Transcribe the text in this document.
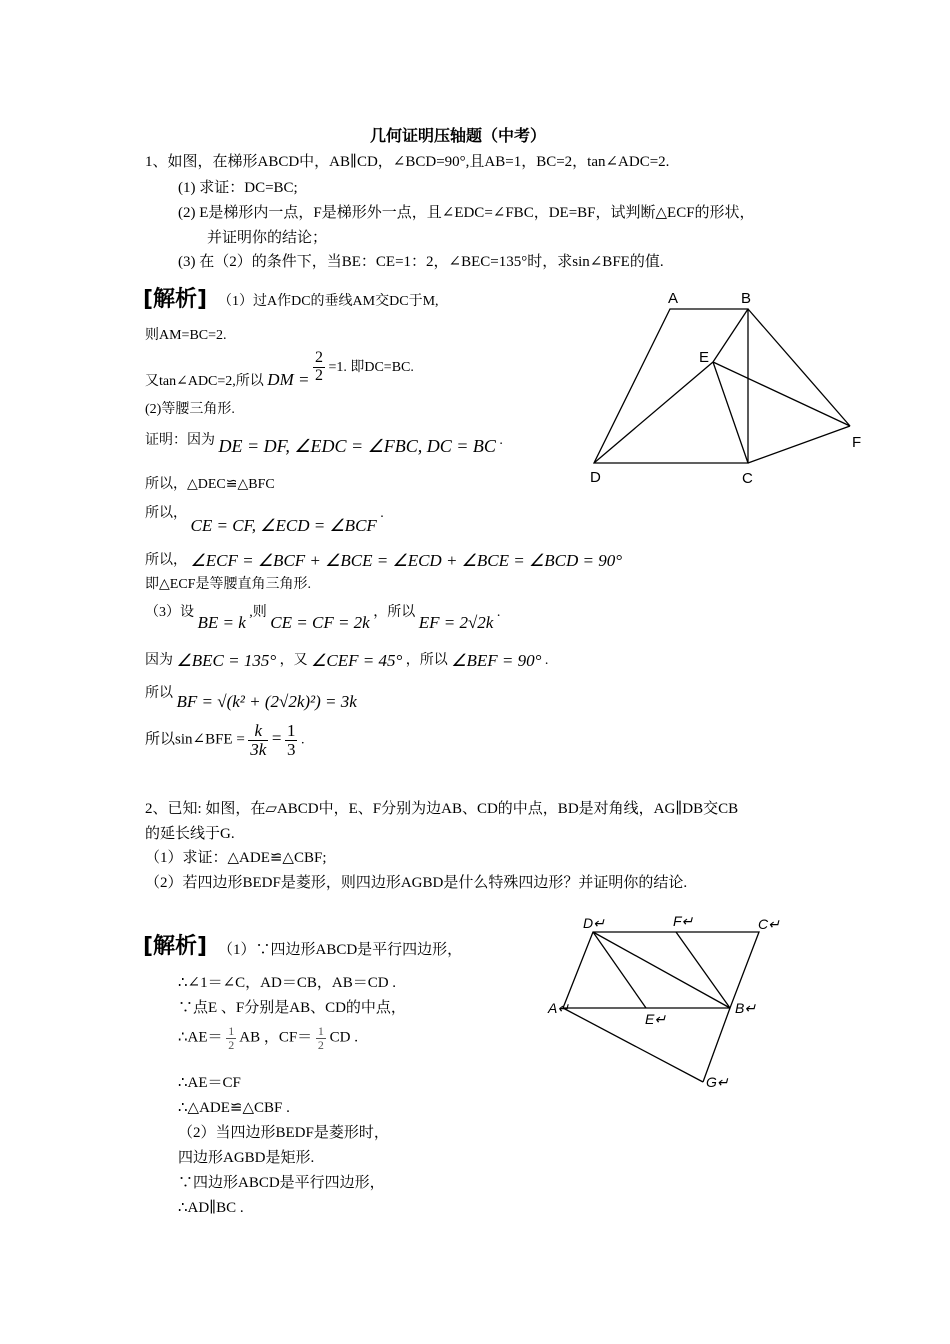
几何证明压轴题（中考）
1、如图，在梯形ABCD中，AB∥CD，∠BCD=90°,且AB=1，BC=2，tan∠ADC=2.
(1) 求证：DC=BC;
(2) E是梯形内一点，F是梯形外一点，且∠EDC=∠FBC，DE=BF，试判断△ECF的形状，
并证明你的结论；
(3) 在（2）的条件下，当BE：CE=1：2，∠BEC=135°时，求sin∠BFE的值.
[解析] （1）过A作DC的垂线AM交DC于M,
则AM=BC=2.
又tan∠ADC=2,所以 DM = $\frac{2}{2} =1$. 即DC=BC.
(2)等腰三角形.
证明：因为 DE = DF, ∠EDC = ∠FBC, DC = BC .
所以，△DEC≌△BFC
所以， CE = CF, ∠ECD = ∠BCF .
所以， ∠ECF = ∠BCF + ∠BCE = ∠ECD + ∠BCE = ∠BCD = 90°
即△ECF是等腰直角三角形.
（3）设 BE = k ,则 CE = CF = 2k ，所以 EF = 2√2k .
因为 ∠BEC = 135° ，又 ∠CEF = 45° ，所以 ∠BEF = 90° .
所以 BF = √(k² + (2√2k)²) = 3k
所以sin∠BFE = $\frac{k}{3k} = \frac{1}{3}$ .
A	B
E
F
D	C
2、已知: 如图，在▱ABCD中，E、F分别为边AB、CD的中点，BD是对角线，AG∥DB交CB
的延长线于G.
（1）求证：△ADE≌△CBF;
（2）若四边形BEDF是菱形，则四边形AGBD是什么特殊四边形？并证明你的结论.
[解析] （1）∵四边形ABCD是平行四边形，
∴∠1＝∠C，AD＝CB，AB＝CD .
∵点E 、F分别是AB、CD的中点，
∴AE＝ $\frac{1}{2}$ AB ，$CF= \frac{1}{2}$ CD .
∴AE＝CF
∴△ADE≌△CBF .
（2）当四边形BEDF是菱形时，
四边形AGBD是矩形.
∵四边形ABCD是平行四边形，
∴AD∥BC .
D↵	F↵	C↵
A↵
E↵
B↵
G↵
